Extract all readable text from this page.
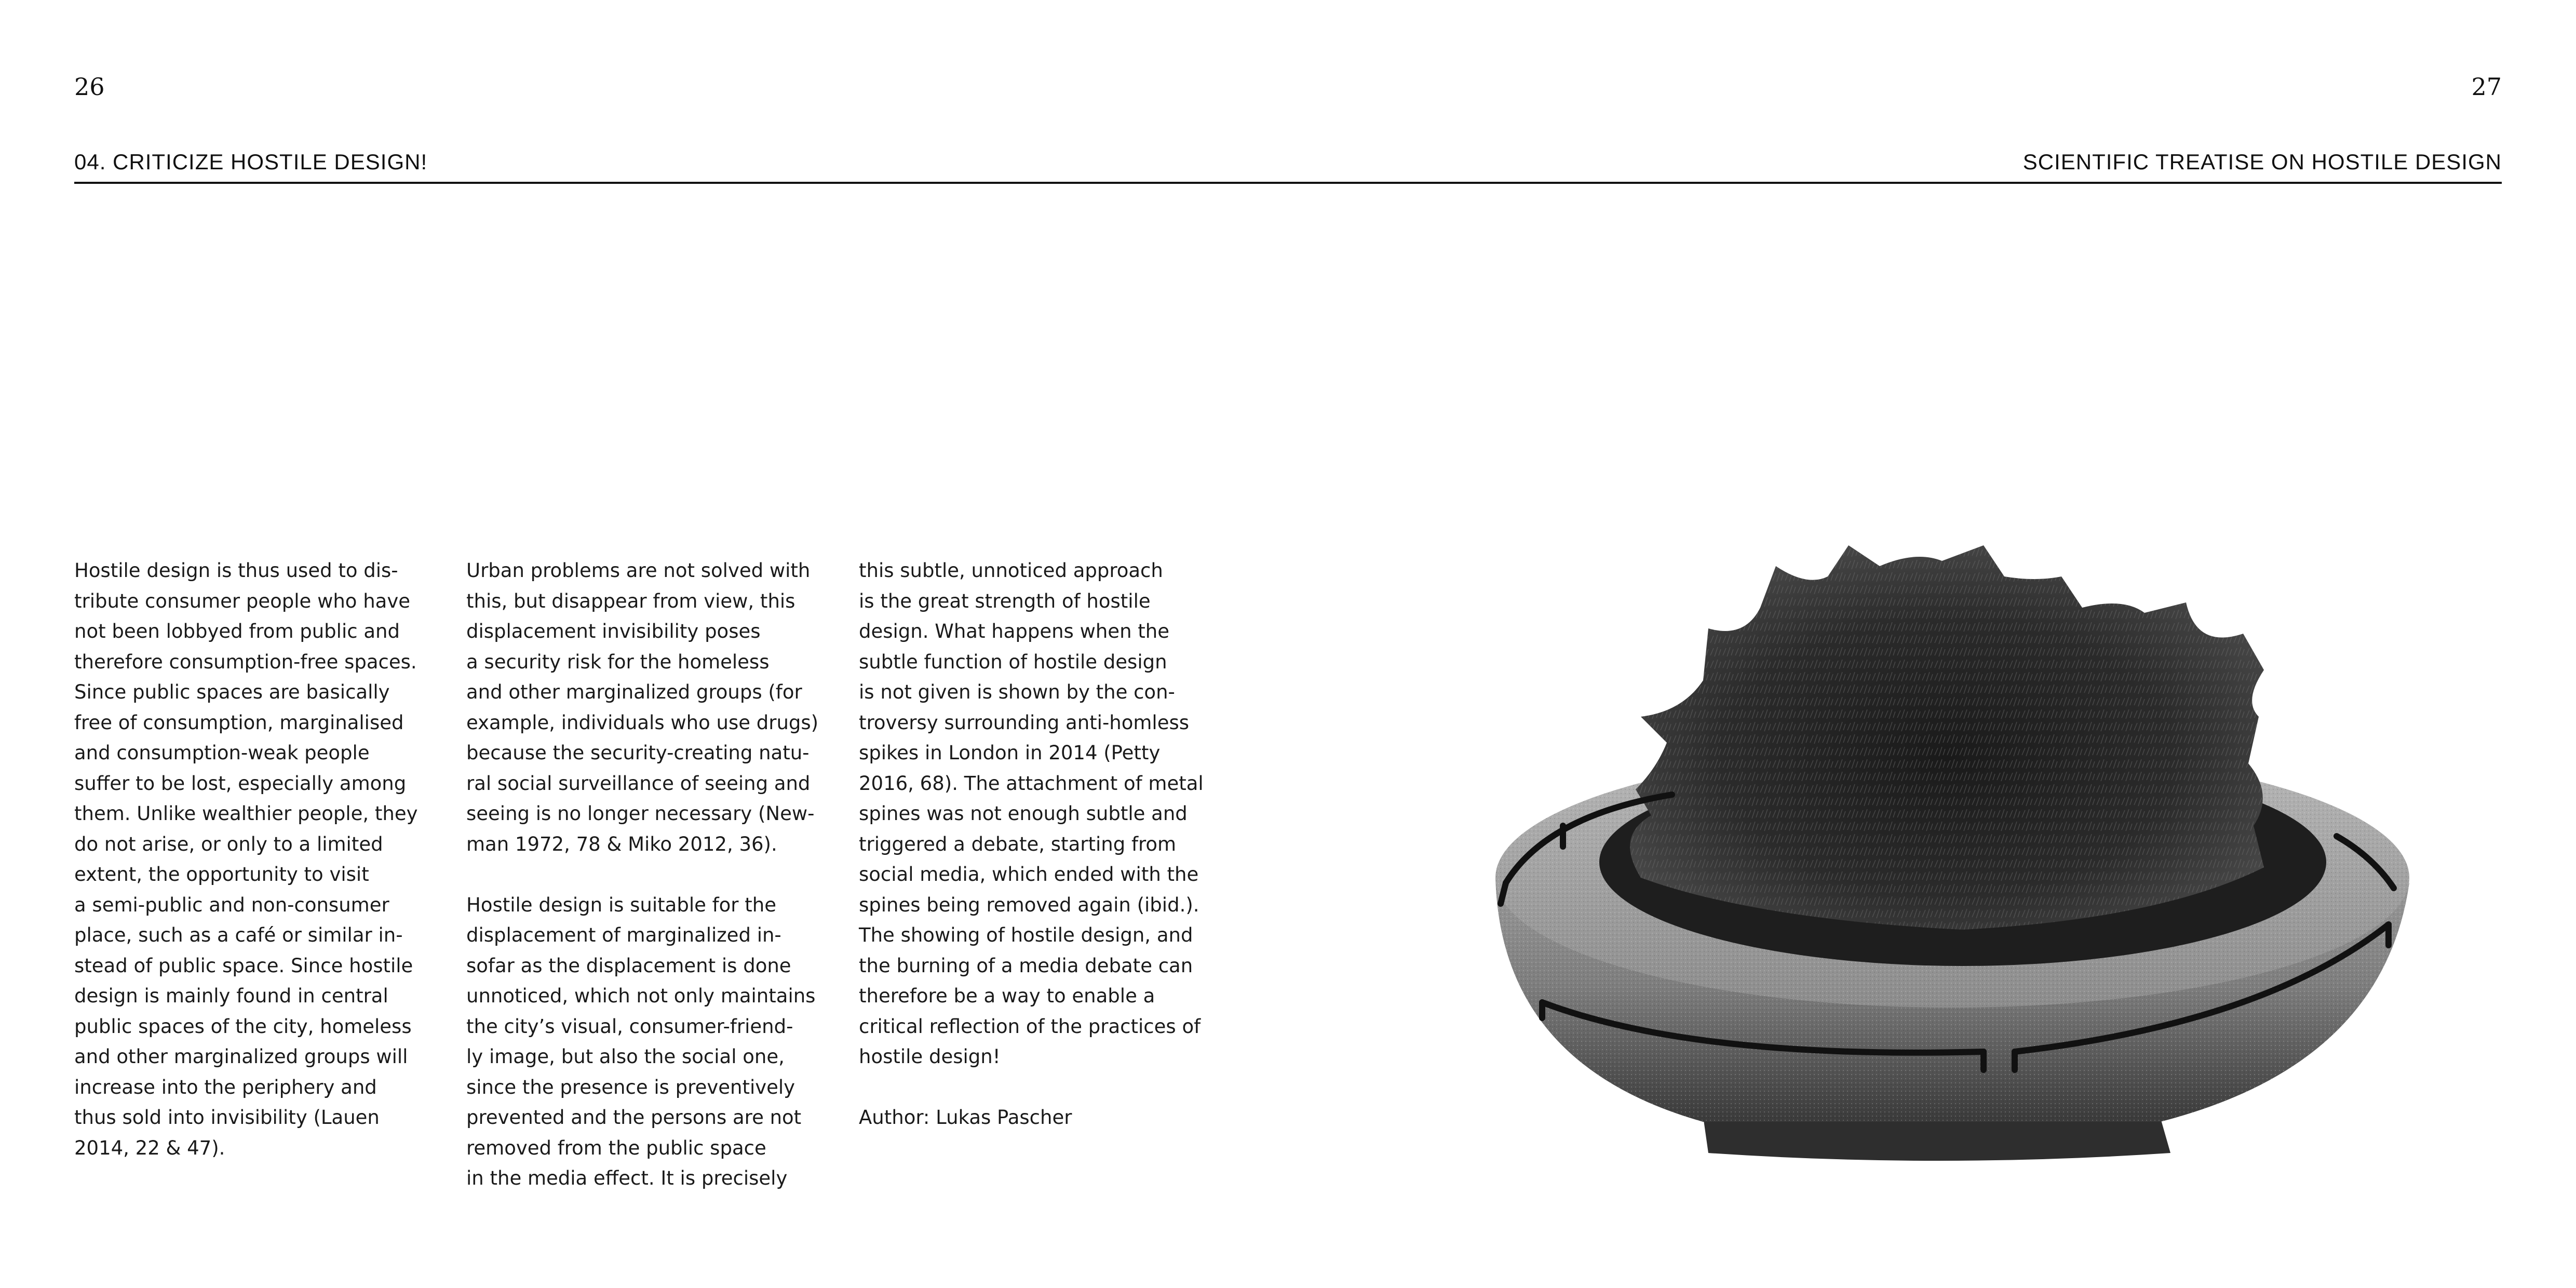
26	27
04. CRITICIZE HOSTILE DESIGN!	SCIENTIFIC TREATISE ON HOSTILE DESIGN

Hostile design is thus used to dis-
tribute consumer people who have
not been lobbyed from public and
therefore consumption-free spaces.
Since public spaces are basically
free of consumption, marginalised
and consumption-weak people
suffer to be lost, especially among
them. Unlike wealthier people, they
do not arise, or only to a limited
extent, the opportunity to visit
a semi-public and non-consumer
place, such as a café or similar in-
stead of public space. Since hostile
design is mainly found in central
public spaces of the city, homeless
and other marginalized groups will
increase into the periphery and
thus sold into invisibility (Lauen
2014, 22 & 47).

Urban problems are not solved with
this, but disappear from view, this
displacement invisibility poses
a security risk for the homeless
and other marginalized groups (for
example, individuals who use drugs)
because the security-creating natu-
ral social surveillance of seeing and
seeing is no longer necessary (New-
man 1972, 78 & Miko 2012, 36).

Hostile design is suitable for the
displacement of marginalized in-
sofar as the displacement is done
unnoticed, which not only maintains
the city’s visual, consumer-friend-
ly image, but also the social one,
since the presence is preventively
prevented and the persons are not
removed from the public space
in the media effect. It is precisely

this subtle, unnoticed approach
is the great strength of hostile
design. What happens when the
subtle function of hostile design
is not given is shown by the con-
troversy surrounding anti-homless
spikes in London in 2014 (Petty
2016, 68). The attachment of metal
spines was not enough subtle and
triggered a debate, starting from
social media, which ended with the
spines being removed again (ibid.).
The showing of hostile design, and
the burning of a media debate can
therefore be a way to enable a
critical reflection of the practices of
hostile design!

Author: Lukas Pascher
